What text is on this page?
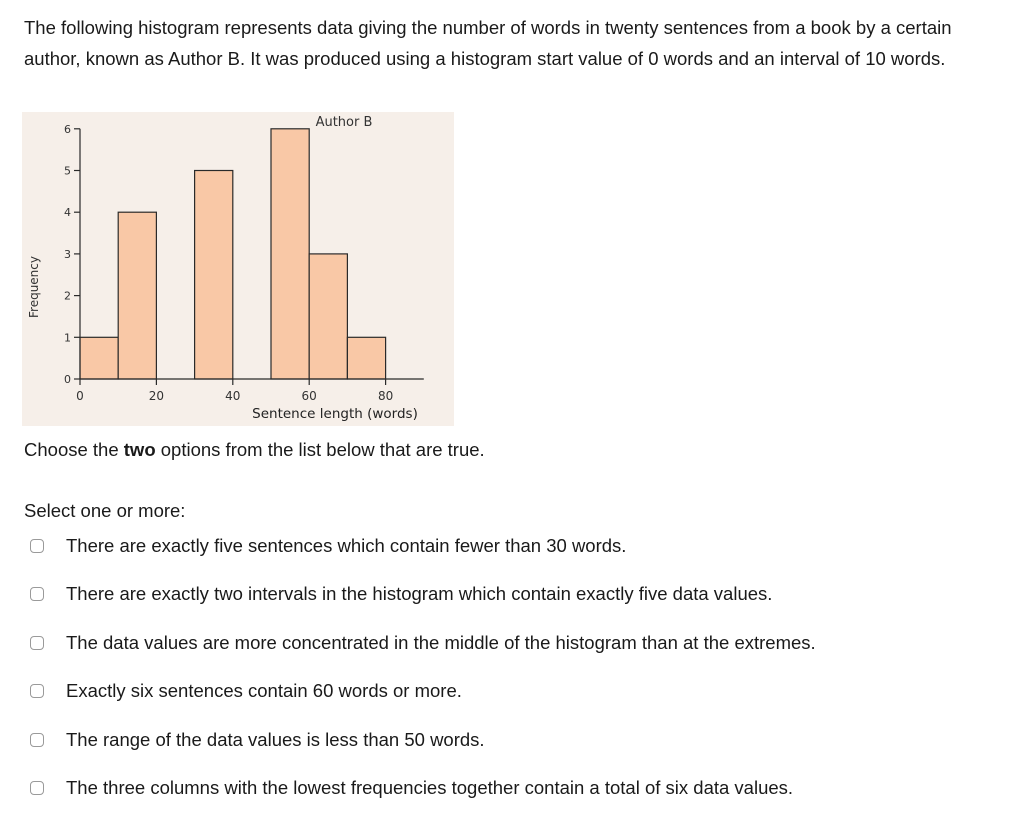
The following histogram represents data giving the number of words in twenty sentences from a book by a certain author, known as Author B. It was produced using a histogram start value of 0 words and an interval of 10 words.

Author B
Sentence length (words)
Frequency
0
1
2
3
4
5
6
0	20	40	60	80

Choose the two options from the list below that are true.

Select one or more:

There are exactly five sentences which contain fewer than 30 words.
There are exactly two intervals in the histogram which contain exactly five data values.
The data values are more concentrated in the middle of the histogram than at the extremes.
Exactly six sentences contain 60 words or more.
The range of the data values is less than 50 words.
The three columns with the lowest frequencies together contain a total of six data values.
